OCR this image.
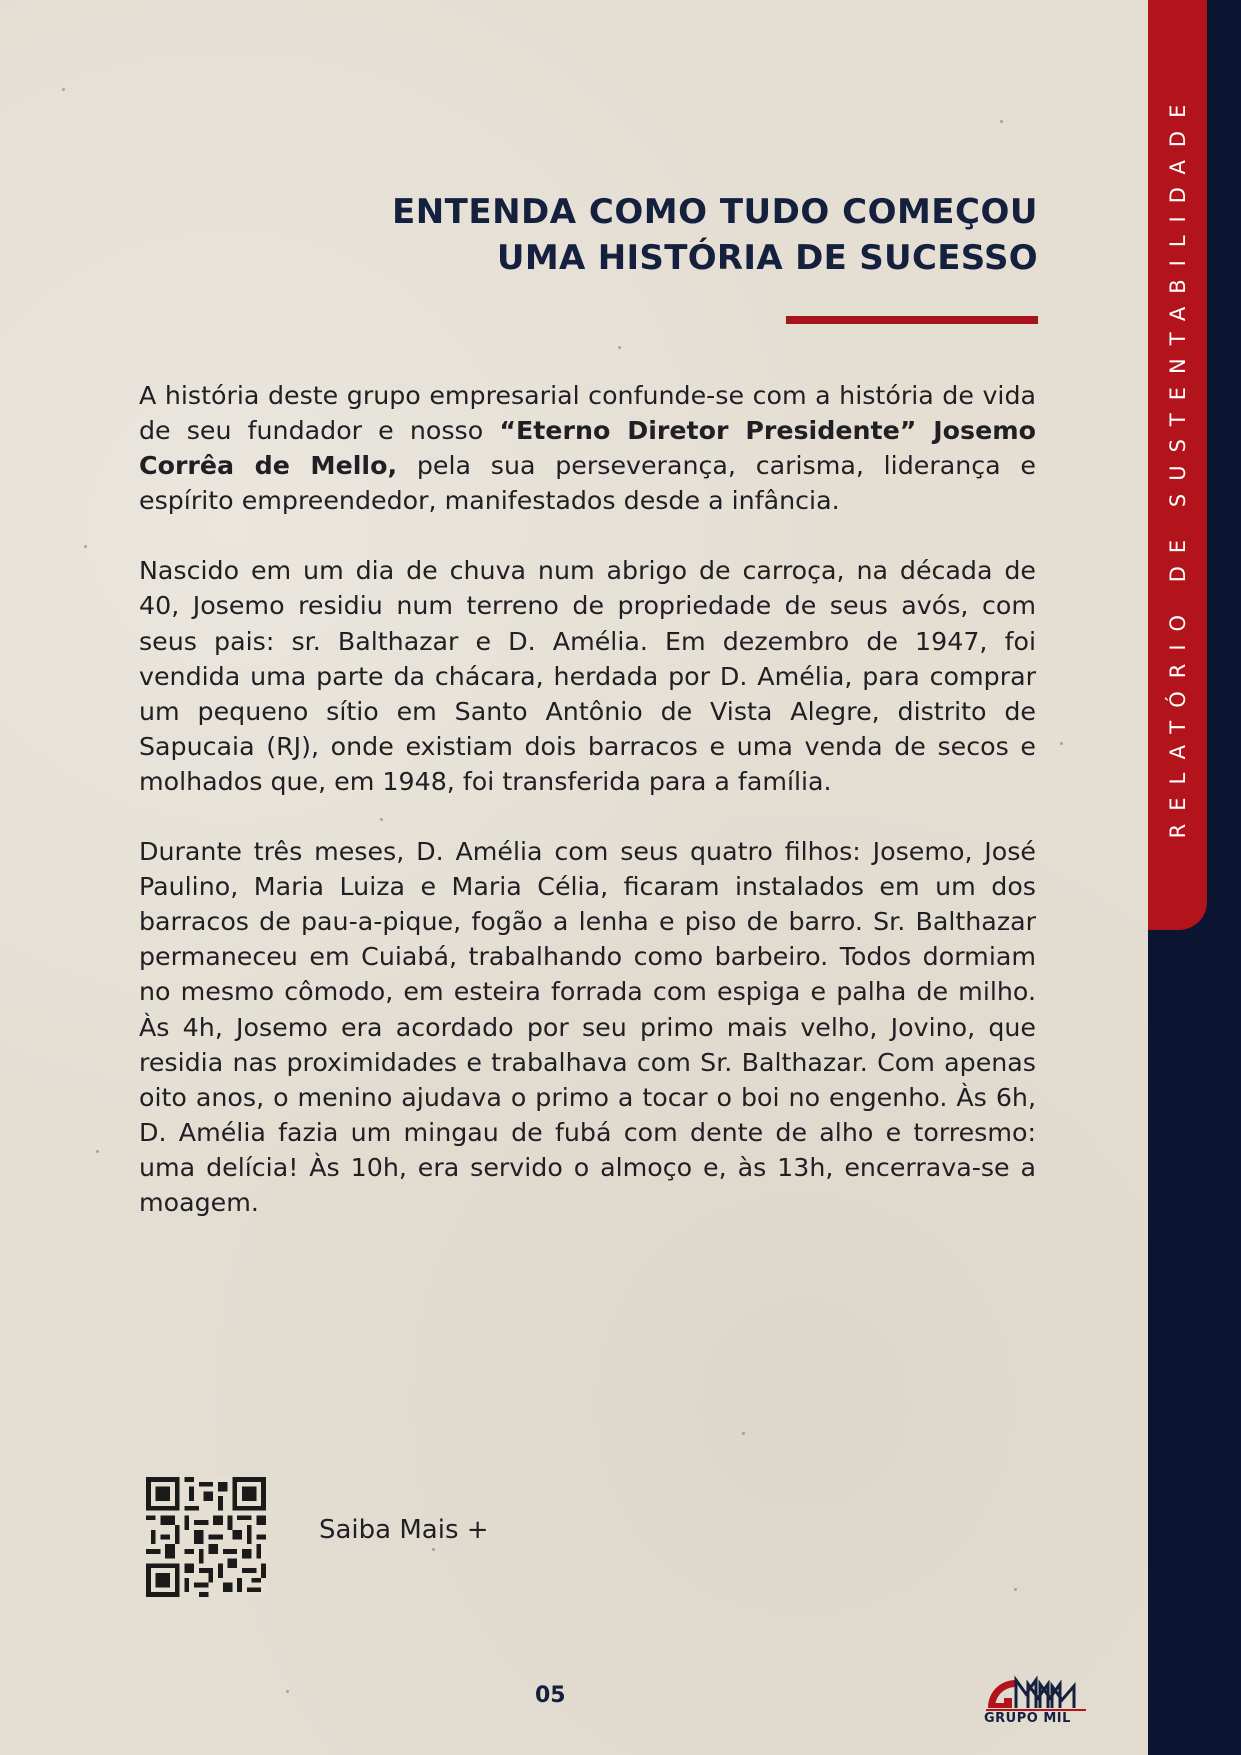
RELATÓRIO DE SUSTENTABILIDADE
ENTENDA COMO TUDO COMEÇOU
UMA HISTÓRIA DE SUCESSO

A história deste grupo empresarial confunde-se com a história de vida de seu fundador e nosso “Eterno Diretor Presidente” Josemo Corrêa de Mello, pela sua perseverança, carisma, liderança e espírito empreendedor, manifestados desde a infância.

Nascido em um dia de chuva num abrigo de carroça, na década de 40, Josemo residiu num terreno de propriedade de seus avós, com seus pais: sr. Balthazar e D. Amélia. Em dezembro de 1947, foi vendida uma parte da chácara, herdada por D. Amélia, para comprar um pequeno sítio em Santo Antônio de Vista Alegre, distrito de Sapucaia (RJ), onde existiam dois barracos e uma venda de secos e molhados que, em 1948, foi transferida para a família.

Durante três meses, D. Amélia com seus quatro filhos: Josemo, José Paulino, Maria Luiza e Maria Célia, ficaram instalados em um dos barracos de pau-a-pique, fogão a lenha e piso de barro. Sr. Balthazar permaneceu em Cuiabá, trabalhando como barbeiro. Todos dormiam no mesmo cômodo, em esteira forrada com espiga e palha de milho. Às 4h, Josemo era acordado por seu primo mais velho, Jovino, que residia nas proximidades e trabalhava com Sr. Balthazar. Com apenas oito anos, o menino ajudava o primo a tocar o boi no engenho. Às 6h, D. Amélia fazia um mingau de fubá com dente de alho e torresmo: uma delícia! Às 10h, era servido o almoço e, às 13h, encerrava-se a moagem.

Saiba Mais +
05
GRUPO MIL
